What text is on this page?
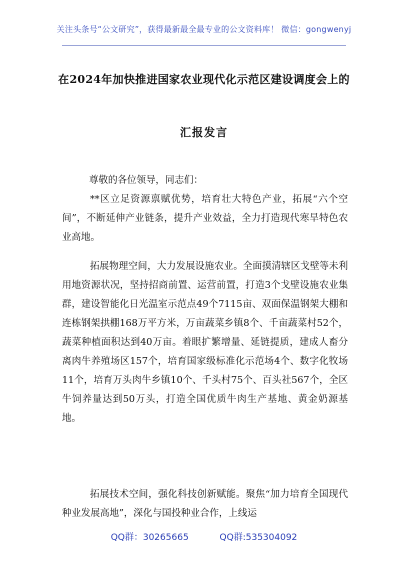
关注头条号“公文研究”，获得最新最全最专业的公文资料库！ 微信：gongwenyj
在2024年加快推进国家农业现代化示范区建设调度会上的
汇报发言
尊敬的各位领导，同志们：

**区立足资源禀赋优势，培育壮大特色产业，拓展“六个空间”，不断延伸产业链条，提升产业效益，全力打造现代寒旱特色农业高地。

拓展物理空间，大力发展设施农业。全面摸清辖区戈壁等未利用地资源状况，坚持招商前置、运营前置，打造3个戈壁设施农业集群，建设智能化日光温室示范点49个7115亩、双面保温钢架大棚和连栋钢架拱棚168万平方米，万亩蔬菜乡镇8个、千亩蔬菜村52个，蔬菜种植面积达到40万亩。着眼扩繁增量、延链提质，建成人畜分离肉牛养殖场区157个，培育国家级标准化示范场4个、数字化牧场11个，培育万头肉牛乡镇10个、千头村75个、百头社567个，全区牛饲养量达到50万头，打造全国优质牛肉生产基地、黄金奶源基地。

拓展技术空间，强化科技创新赋能。聚焦“加力培育全国现代种业发展高地”，深化与国投种业合作，上线运

QQ群：30265665	QQ群:535304092
